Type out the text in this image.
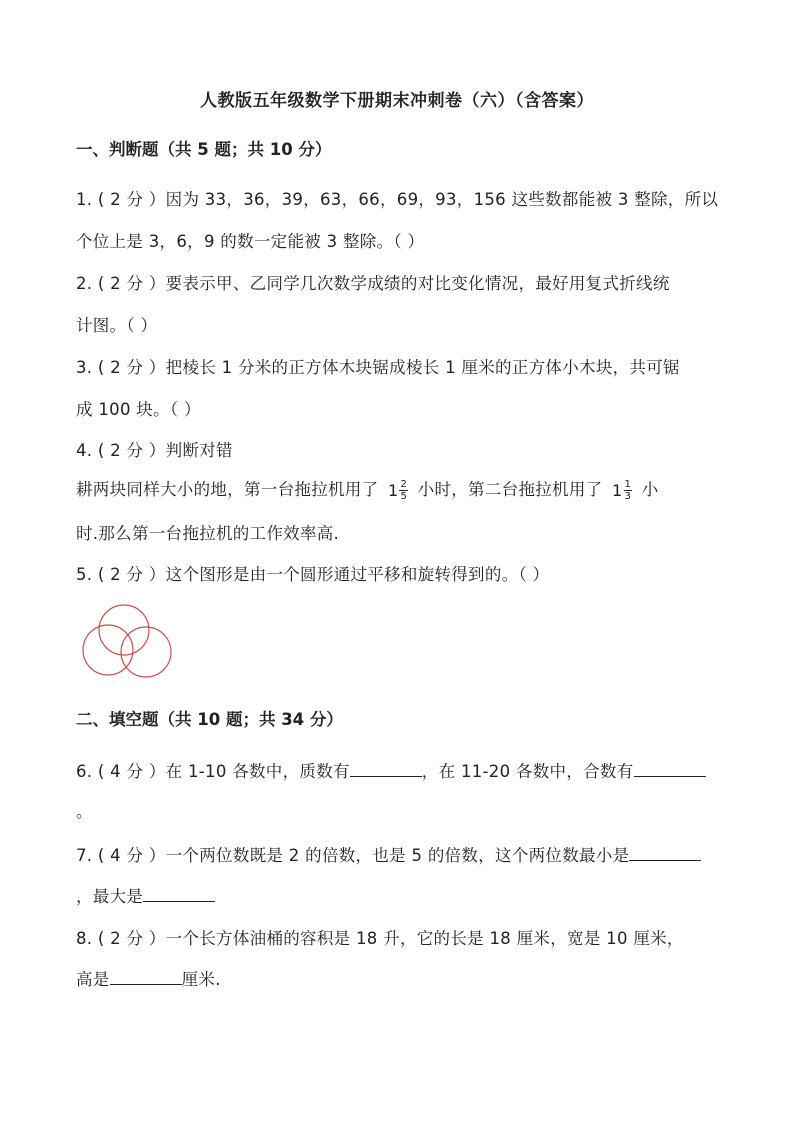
人教版五年级数学下册期末冲刺卷（六）（含答案）
一、判断题（共 5 题；共 10 分）
1. ( 2 分 ）因为 33，36，39，63，66，69，93，156 这些数都能被 3 整除，所以
个位上是 3，6，9 的数一定能被 3 整除。（ ）
2. ( 2 分 ）要表示甲、乙同学几次数学成绩的对比变化情况，最好用复式折线统
计图。（ ）
3. ( 2 分 ）把棱长 1 分米的正方体木块锯成棱长 1 厘米的正方体小木块，共可锯
成 100 块。（ ）
4. ( 2 分 ）判断对错
耕两块同样大小的地，第一台拖拉机用了 $1 \frac{2}{5}$ 小时，第二台拖拉机用了 $1 \frac{1}{3}$ 小
时.那么第一台拖拉机的工作效率高.
5. ( 2 分 ）这个图形是由一个圆形通过平移和旋转得到的。（ ）
二、填空题（共 10 题；共 34 分）
6. ( 4 分 ）在 1-10 各数中，质数有	，在 11-20 各数中，合数有
。
7. ( 4 分 ）一个两位数既是 2 的倍数，也是 5 的倍数，这个两位数最小是
，最大是
8. ( 2 分 ）一个长方体油桶的容积是 18 升，它的长是 18 厘米，宽是 10 厘米，
高是	厘米.
